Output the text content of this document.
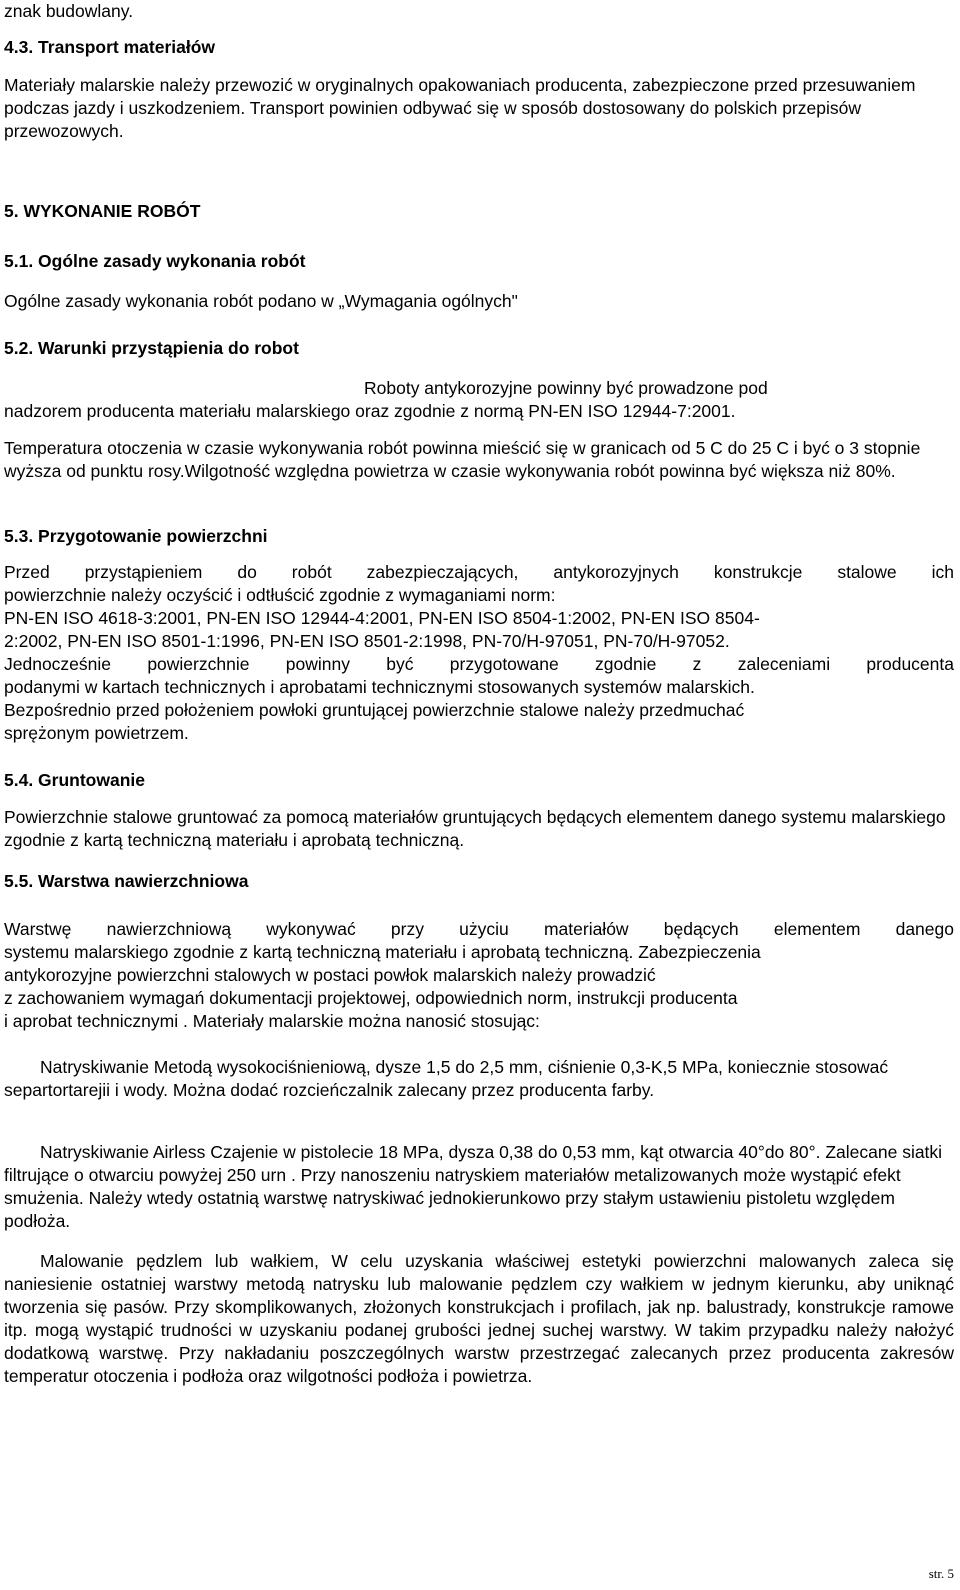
znak budowlany.

4.3. Transport materiałów

Materiały malarskie należy przewozić w oryginalnych opakowaniach producenta, zabezpieczone przed przesuwaniem podczas jazdy i uszkodzeniem. Transport powinien odbywać się w sposób dostosowany do polskich przepisów przewozowych.

5. WYKONANIE ROBÓT

5.1. Ogólne zasady wykonania robót

Ogólne zasady wykonania robót podano w „Wymagania ogólnych"

5.2. Warunki przystąpienia do robot

Roboty antykorozyjne powinny być prowadzone pod

nadzorem producenta materiału malarskiego oraz zgodnie z normą PN-EN ISO 12944-7:2001.

Temperatura otoczenia w czasie wykonywania robót powinna mieścić się w granicach od 5 C do 25 C i być o 3 stopnie wyższa od punktu rosy.Wilgotność względna powietrza w czasie wykonywania robót powinna być większa niż 80%.

5.3. Przygotowanie powierzchni

Przed przystąpieniem do robót zabezpieczających, antykorozyjnych konstrukcje stalowe ich
powierzchnie należy oczyścić i odtłuścić zgodnie z wymaganiami norm:
PN-EN ISO 4618-3:2001, PN-EN ISO 12944-4:2001, PN-EN ISO 8504-1:2002, PN-EN ISO 8504-
2:2002, PN-EN ISO 8501-1:1996, PN-EN ISO 8501-2:1998, PN-70/H-97051, PN-70/H-97052.
Jednocześnie powierzchnie powinny być przygotowane zgodnie z zaleceniami producenta
podanymi w kartach technicznych i aprobatami technicznymi stosowanych systemów malarskich.
Bezpośrednio przed położeniem powłoki gruntującej powierzchnie stalowe należy przedmuchać
sprężonym powietrzem.

5.4. Gruntowanie

Powierzchnie stalowe gruntować za pomocą materiałów gruntujących będących elementem danego systemu malarskiego zgodnie z kartą techniczną materiału i aprobatą techniczną.

5.5. Warstwa nawierzchniowa

Warstwę nawierzchniową wykonywać przy użyciu materiałów będących elementem danego
systemu malarskiego zgodnie z kartą techniczną materiału i aprobatą techniczną. Zabezpieczenia
antykorozyjne powierzchni stalowych w postaci powłok malarskich należy prowadzić
z zachowaniem wymagań dokumentacji projektowej, odpowiednich norm, instrukcji producenta
i aprobat technicznymi . Materiały malarskie można nanosić stosując:

Natryskiwanie Metodą wysokociśnieniową, dysze 1,5 do 2,5 mm, ciśnienie 0,3-K,5 MPa, koniecznie stosować separtortarejii i wody. Można dodać rozcieńczalnik zalecany przez producenta farby.

Natryskiwanie Airless Czajenie w pistolecie 18 MPa, dysza 0,38 do 0,53 mm, kąt otwarcia 40°do 80°. Zalecane siatki filtrujące o otwarciu powyżej 250 urn . Przy nanoszeniu natryskiem materiałów metalizowanych może wystąpić efekt smużenia. Należy wtedy ostatnią warstwę natryskiwać jednokierunkowo przy stałym ustawieniu pistoletu względem podłoża.

Malowanie pędzlem lub wałkiem, W celu uzyskania właściwej estetyki powierzchni malowanych zaleca się naniesienie ostatniej warstwy metodą natrysku lub malowanie pędzlem czy wałkiem w jednym kierunku, aby uniknąć tworzenia się pasów. Przy skomplikowanych, złożonych konstrukcjach i profilach, jak np. balustrady, konstrukcje ramowe itp. mogą wystąpić trudności w uzyskaniu podanej grubości jednej suchej warstwy. W takim przypadku należy nałożyć dodatkową warstwę. Przy nakładaniu poszczególnych warstw przestrzegać zalecanych przez producenta zakresów temperatur otoczenia i podłoża oraz wilgotności podłoża i powietrza.

str. 5
